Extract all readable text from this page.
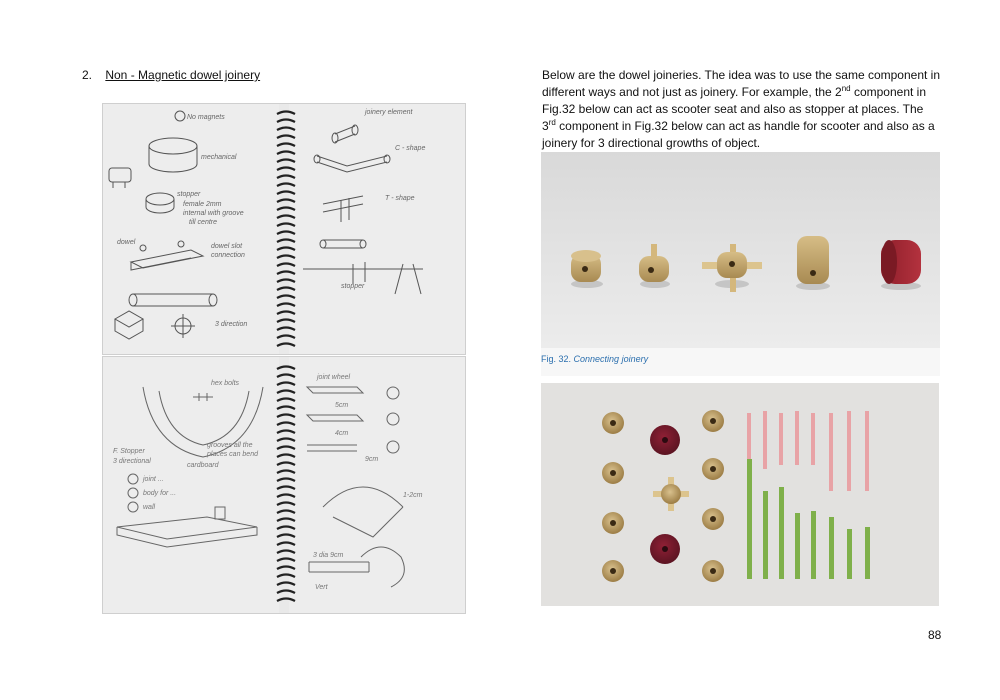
2. Non - Magnetic dowel joinery	Below are the dowel joineries. The idea was to use the same component in different ways and not just as joinery. For example, the 2nd component in Fig.32 below can act as scooter seat and also as stopper at places. The 3rd component in Fig.32 below can act as handle for scooter and also as a joinery for 3 directional growths of object.
No magnets
mechanical
stopper
female 2mm
internal with groove
till centre
dowel
dowel slot
connection
3 direction
joinery element
C - shape
T - shape
stopper
hex bolts
grooves all the
places can bend
F. Stopper
3 directional
cardboard
joint ...
body for ...
wall
joint wheel
5cm
4cm
9cm
3 dia 9cm
1-2cm
Vert
Fig. 32. Connecting joinery
88
